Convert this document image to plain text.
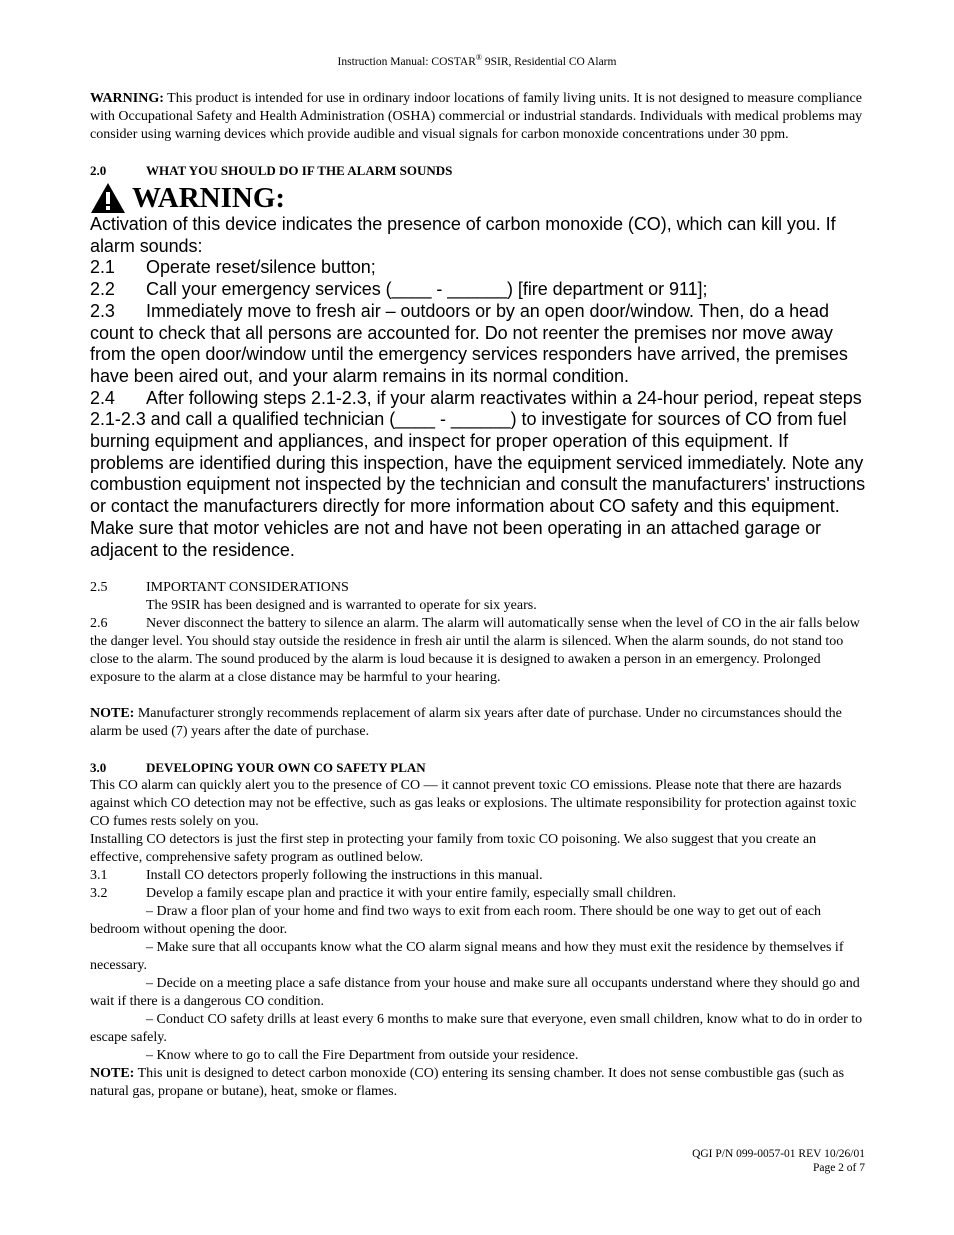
Instruction Manual: COSTAR® 9SIR, Residential CO Alarm

WARNING: This product is intended for use in ordinary indoor locations of family living units. It is not designed to measure compliance with Occupational Safety and Health Administration (OSHA) commercial or industrial standards. Individuals with medical problems may consider using warning devices which provide audible and visual signals for carbon monoxide concentrations under 30 ppm.

2.0	WHAT YOU SHOULD DO IF THE ALARM SOUNDS
WARNING:

Activation of this device indicates the presence of carbon monoxide (CO), which can kill you. If alarm sounds:

2.1 Operate reset/silence button;

2.2 Call your emergency services (____ - ______) [fire department or 911];

2.3 Immediately move to fresh air – outdoors or by an open door/window. Then, do a head count to check that all persons are accounted for. Do not reenter the premises nor move away from the open door/window until the emergency services responders have arrived, the premises have been aired out, and your alarm remains in its normal condition.

2.4 After following steps 2.1-2.3, if your alarm reactivates within a 24-hour period, repeat steps 2.1-2.3 and call a qualified technician (____ - ______) to investigate for sources of CO from fuel burning equipment and appliances, and inspect for proper operation of this equipment. If problems are identified during this inspection, have the equipment serviced immediately. Note any combustion equipment not inspected by the technician and consult the manufacturers' instructions or contact the manufacturers directly for more information about CO safety and this equipment. Make sure that motor vehicles are not and have not been operating in an attached garage or adjacent to the residence.

2.5	IMPORTANT CONSIDERATIONS

The 9SIR has been designed and is warranted to operate for six years.

2.6	Never disconnect the battery to silence an alarm. The alarm will automatically sense when the level of CO in the air falls below the danger level. You should stay outside the residence in fresh air until the alarm is silenced. When the alarm sounds, do not stand too close to the alarm. The sound produced by the alarm is loud because it is designed to awaken a person in an emergency. Prolonged exposure to the alarm at a close distance may be harmful to your hearing.

NOTE: Manufacturer strongly recommends replacement of alarm six years after date of purchase. Under no circumstances should the alarm be used (7) years after the date of purchase.

3.0	DEVELOPING YOUR OWN CO SAFETY PLAN

This CO alarm can quickly alert you to the presence of CO — it cannot prevent toxic CO emissions. Please note that there are hazards against which CO detection may not be effective, such as gas leaks or explosions. The ultimate responsibility for protection against toxic CO fumes rests solely on you.

Installing CO detectors is just the first step in protecting your family from toxic CO poisoning. We also suggest that you create an effective, comprehensive safety program as outlined below.

3.1	Install CO detectors properly following the instructions in this manual.

3.2	Develop a family escape plan and practice it with your entire family, especially small children.

– Draw a floor plan of your home and find two ways to exit from each room. There should be one way to get out of each bedroom without opening the door.

– Make sure that all occupants know what the CO alarm signal means and how they must exit the residence by themselves if necessary.

– Decide on a meeting place a safe distance from your house and make sure all occupants understand where they should go and wait if there is a dangerous CO condition.

– Conduct CO safety drills at least every 6 months to make sure that everyone, even small children, know what to do in order to escape safely.

– Know where to go to call the Fire Department from outside your residence.

NOTE: This unit is designed to detect carbon monoxide (CO) entering its sensing chamber. It does not sense combustible gas (such as natural gas, propane or butane), heat, smoke or flames.

QGI P/N 099-0057-01 REV 10/26/01
Page 2 of 7
